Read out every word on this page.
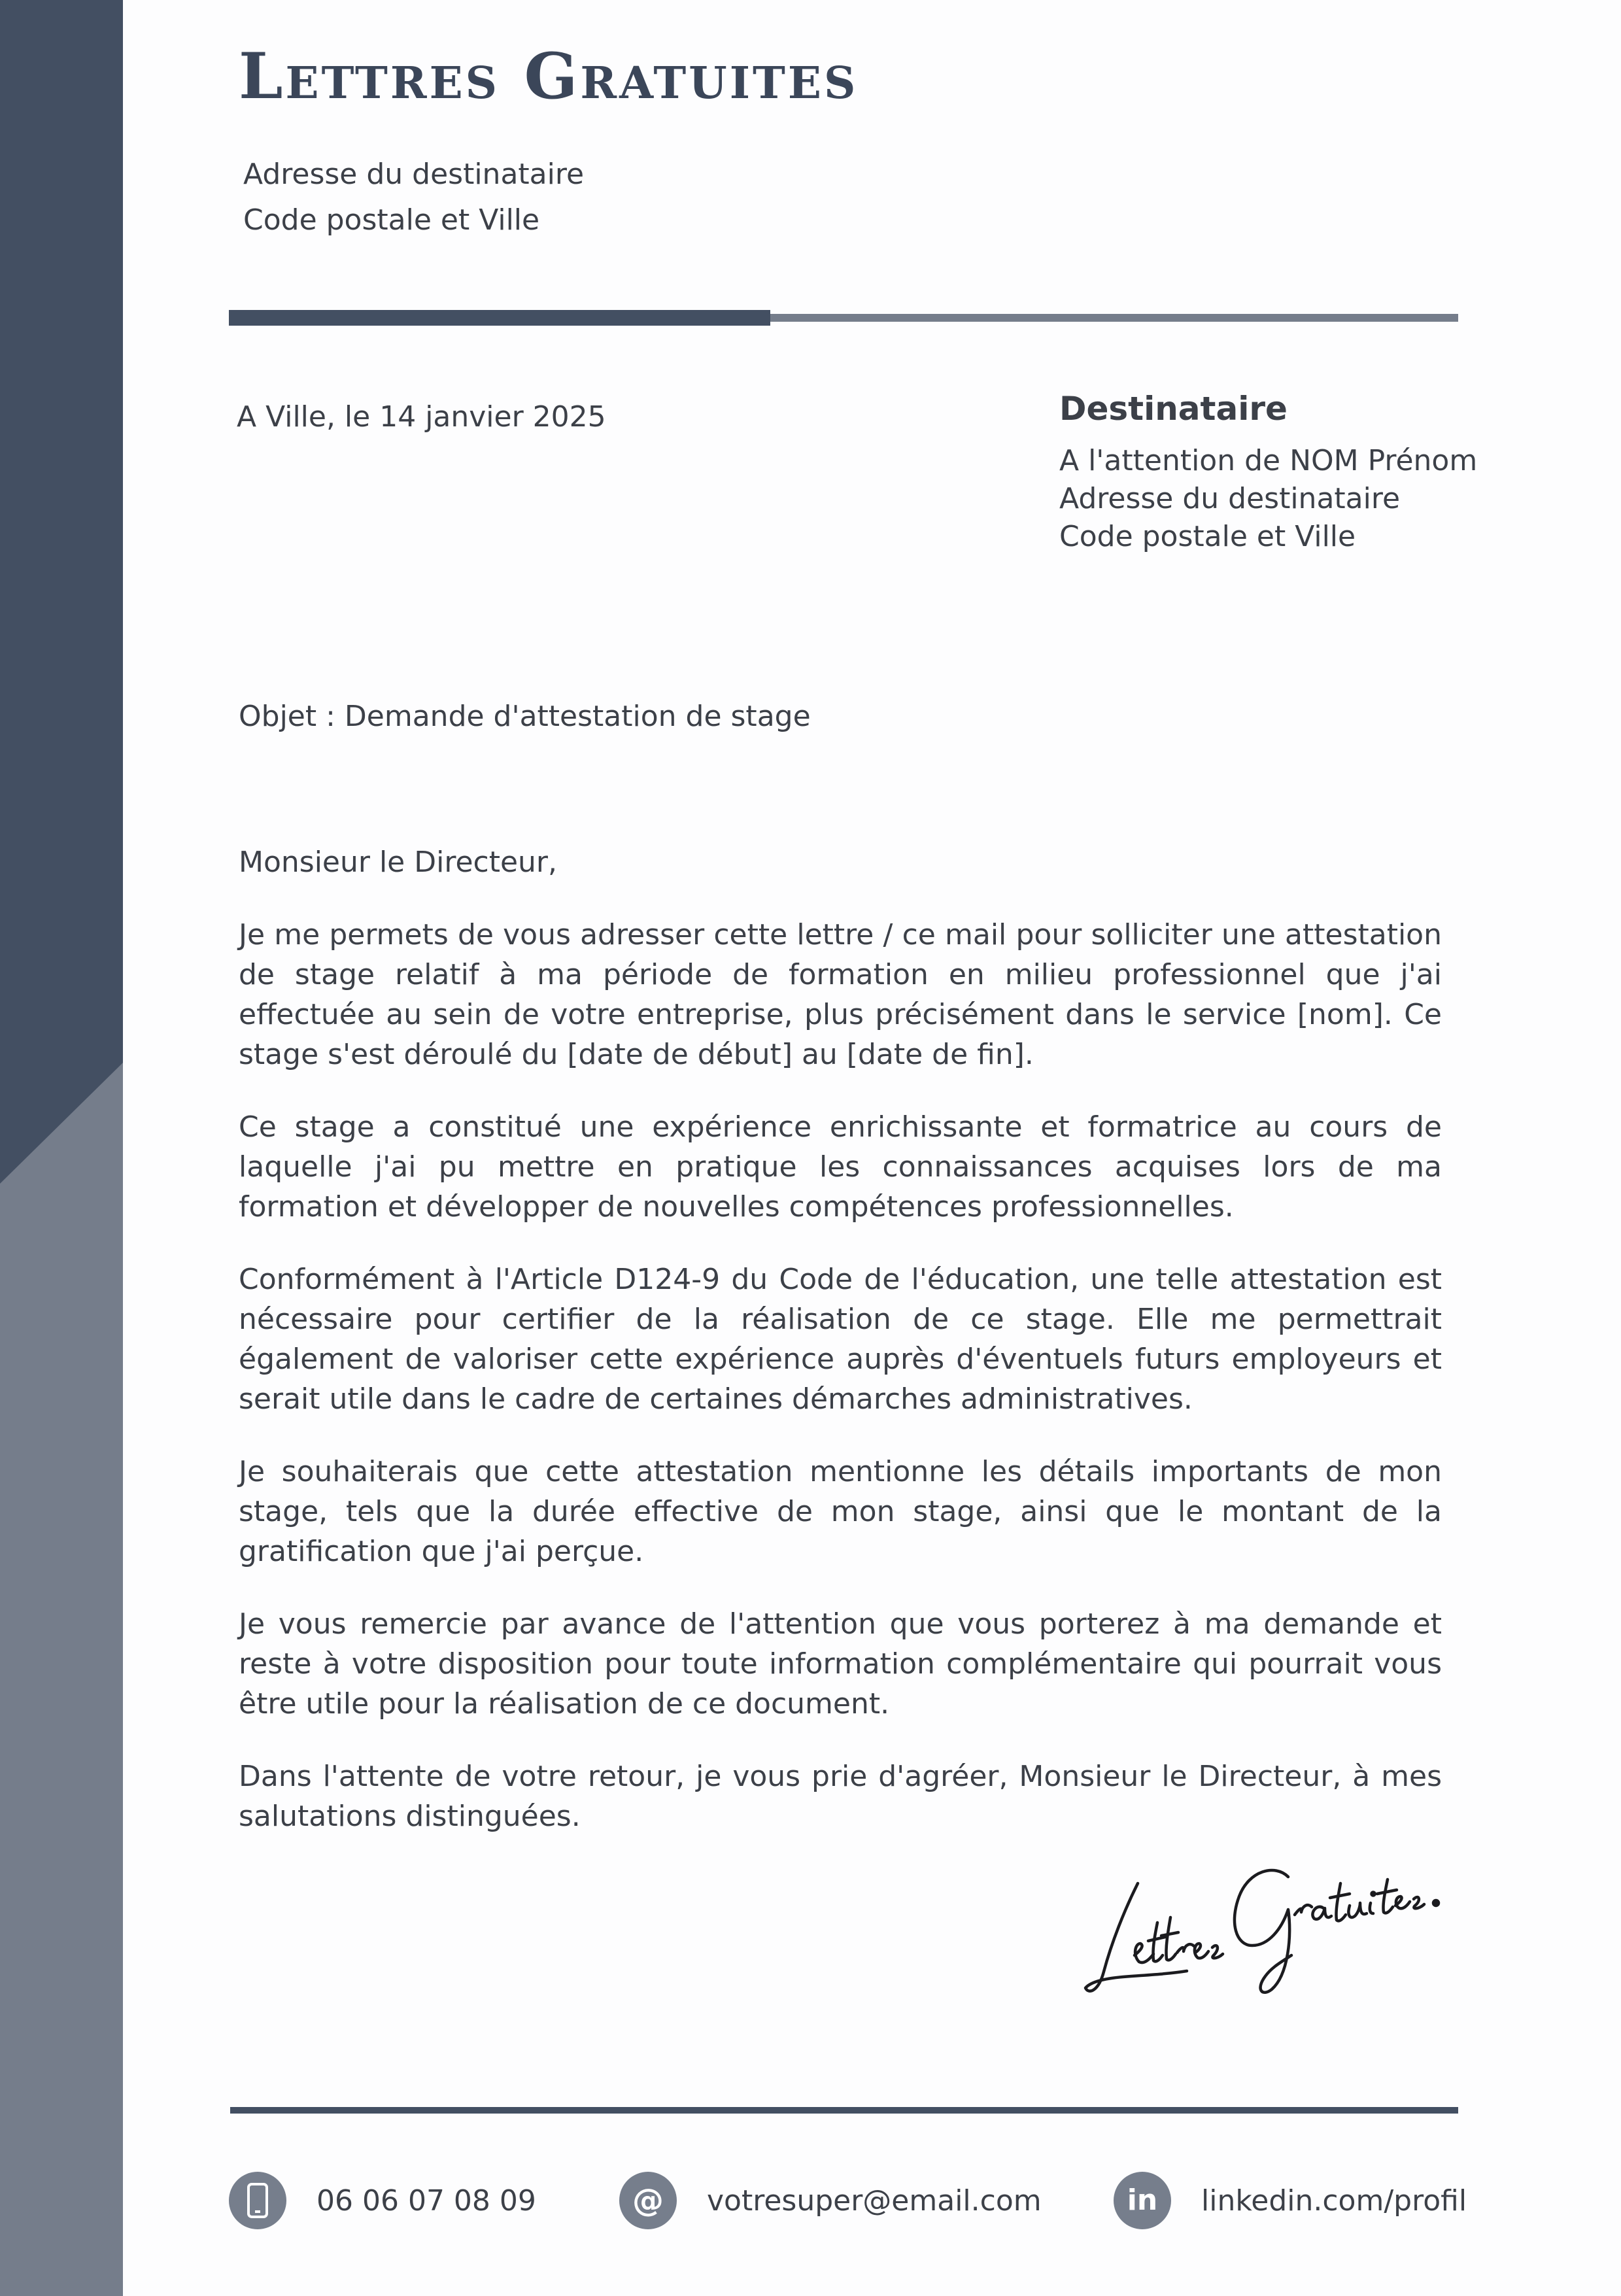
Lettres Gratuites
Adresse du destinataire
Code postale et Ville
A Ville, le 14 janvier 2025	Destinataire
A l'attention de NOM Prénom
Adresse du destinataire
Code postale et Ville
Objet : Demande d'attestation de stage

Monsieur le Directeur,

Je me permets de vous adresser cette lettre / ce mail pour solliciter une attestation de stage relatif à ma période de formation en milieu professionnel que j'ai effectuée au sein de votre entreprise, plus précisément dans le service [nom]. Ce stage s'est déroulé du [date de début] au [date de fin].

Ce stage a constitué une expérience enrichissante et formatrice au cours de laquelle j'ai pu mettre en pratique les connaissances acquises lors de ma formation et développer de nouvelles compétences professionnelles.

Conformément à l'Article D124-9 du Code de l'éducation, une telle attestation est nécessaire pour certifier de la réalisation de ce stage. Elle me permettrait également de valoriser cette expérience auprès d'éventuels futurs employeurs et serait utile dans le cadre de certaines démarches administratives.

Je souhaiterais que cette attestation mentionne les détails importants de mon stage, tels que la durée effective de mon stage, ainsi que le montant de la gratification que j'ai perçue.

Je vous remercie par avance de l'attention que vous porterez à ma demande et reste à votre disposition pour toute information complémentaire qui pourrait vous être utile pour la réalisation de ce document.

Dans l'attente de votre retour, je vous prie d'agréer, Monsieur le Directeur, à mes salutations distinguées.

06 06 07 08 09	@ votresuper@email.com	in linkedin.com/profil
